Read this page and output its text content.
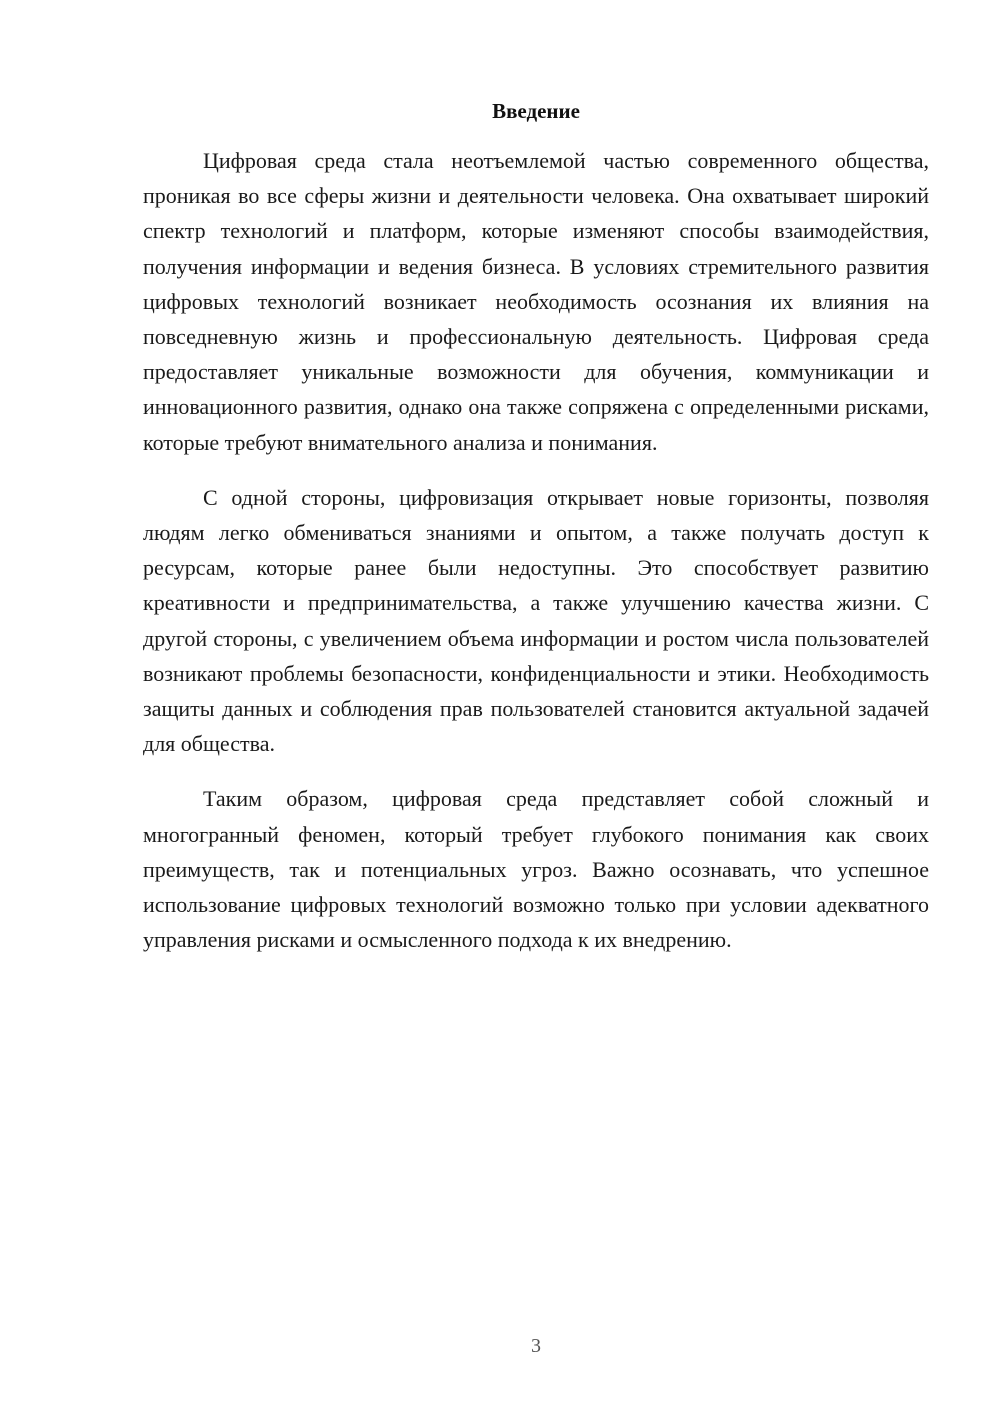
Введение

Цифровая среда стала неотъемлемой частью современного общества, проникая во все сферы жизни и деятельности человека. Она охватывает широкий спектр технологий и платформ, которые изменяют способы взаимодействия, получения информации и ведения бизнеса. В условиях стремительного развития цифровых технологий возникает необходимость осознания их влияния на повседневную жизнь и профессиональную деятельность. Цифровая среда предоставляет уникальные возможности для обучения, коммуникации и инновационного развития, однако она также сопряжена с определенными рисками, которые требуют внимательного анализа и понимания.

С одной стороны, цифровизация открывает новые горизонты, позволяя людям легко обмениваться знаниями и опытом, а также получать доступ к ресурсам, которые ранее были недоступны. Это способствует развитию креативности и предпринимательства, а также улучшению качества жизни. С другой стороны, с увеличением объема информации и ростом числа пользователей возникают проблемы безопасности, конфиденциальности и этики. Необходимость защиты данных и соблюдения прав пользователей становится актуальной задачей для общества.

Таким образом, цифровая среда представляет собой сложный и многогранный феномен, который требует глубокого понимания как своих преимуществ, так и потенциальных угроз. Важно осознавать, что успешное использование цифровых технологий возможно только при условии адекватного управления рисками и осмысленного подхода к их внедрению.

3
